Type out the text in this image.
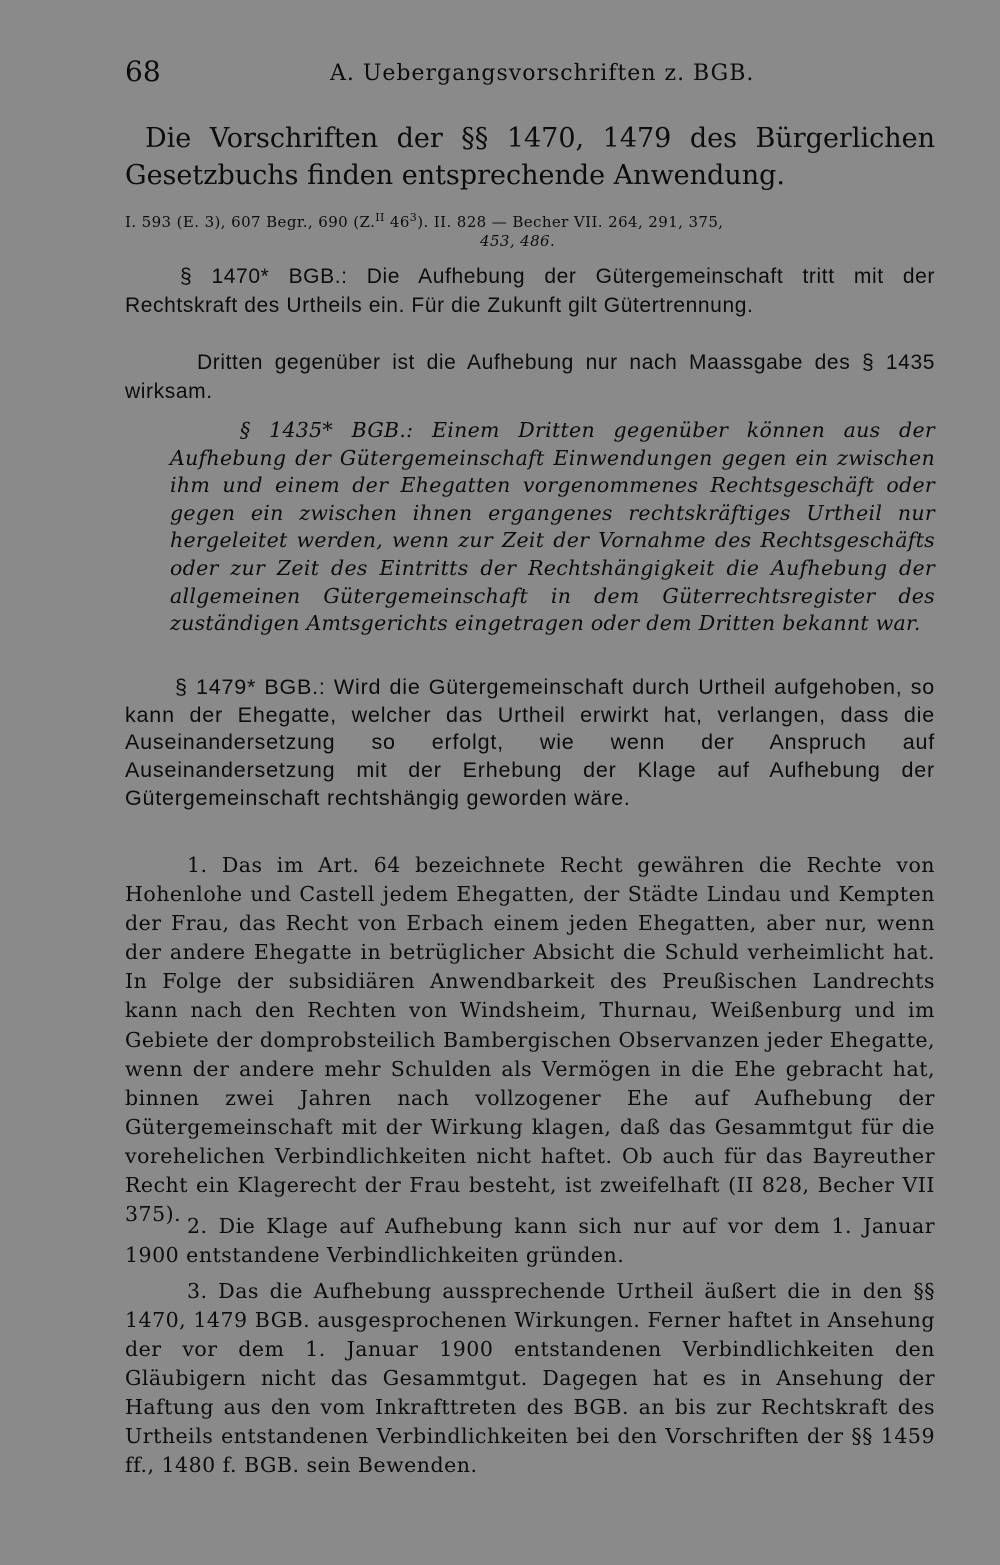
68	A. Uebergangsvorschriften z. BGB.
Die Vorschriften der §§ 1470, 1479 des Bürgerlichen Gesetzbuchs finden entsprechende Anwendung.
I. 593 (E. 3), 607 Begr., 690 (Z.$^{II}$ $46^3$). II. 828 — Becher VII. 264, 291, 375,
453, 486.
§ 1470* BGB.: Die Aufhebung der Gütergemeinschaft tritt mit der Rechtskraft des Urtheils ein. Für die Zukunft gilt Gütertrennung.
Dritten gegenüber ist die Aufhebung nur nach Maassgabe des § 1435 wirksam.
§ 1435* BGB.: Einem Dritten gegenüber können aus der Aufhebung der Gütergemeinschaft Einwendungen gegen ein zwischen ihm und einem der Ehegatten vorgenommenes Rechtsgeschäft oder gegen ein zwischen ihnen ergangenes rechtskräftiges Urtheil nur hergeleitet werden, wenn zur Zeit der Vornahme des Rechtsgeschäfts oder zur Zeit des Eintritts der Rechtshängigkeit die Aufhebung der allgemeinen Gütergemeinschaft in dem Güterrechtsregister des zuständigen Amtsgerichts eingetragen oder dem Dritten bekannt war.
§ 1479* BGB.: Wird die Gütergemeinschaft durch Urtheil aufgehoben, so kann der Ehegatte, welcher das Urtheil erwirkt hat, verlangen, dass die Auseinandersetzung so erfolgt, wie wenn der Anspruch auf Auseinandersetzung mit der Erhebung der Klage auf Aufhebung der Gütergemeinschaft rechtshängig geworden wäre.
1. Das im Art. 64 bezeichnete Recht gewähren die Rechte von Hohenlohe und Castell jedem Ehegatten, der Städte Lindau und Kempten der Frau, das Recht von Erbach einem jeden Ehegatten, aber nur, wenn der andere Ehegatte in betrüglicher Absicht die Schuld verheimlicht hat. In Folge der subsidiären Anwendbarkeit des Preußischen Landrechts kann nach den Rechten von Windsheim, Thurnau, Weißenburg und im Gebiete der domprobsteilich Bambergischen Observanzen jeder Ehegatte, wenn der andere mehr Schulden als Vermögen in die Ehe gebracht hat, binnen zwei Jahren nach vollzogener Ehe auf Aufhebung der Gütergemeinschaft mit der Wirkung klagen, daß das Gesammtgut für die vorehelichen Verbindlichkeiten nicht haftet. Ob auch für das Bayreuther Recht ein Klagerecht der Frau besteht, ist zweifelhaft (II 828, Becher VII 375). 2. Die Klage auf Aufhebung kann sich nur auf vor dem 1. Januar 1900 entstandene Verbindlichkeiten gründen.
3. Das die Aufhebung aussprechende Urtheil äußert die in den §§ 1470, 1479 BGB. ausgesprochenen Wirkungen. Ferner haftet in Ansehung der vor dem 1. Januar 1900 entstandenen Verbindlichkeiten den Gläubigern nicht das Gesammtgut. Dagegen hat es in Ansehung der Haftung aus den vom Inkrafttreten des BGB. an bis zur Rechtskraft des Urtheils entstandenen Verbindlichkeiten bei den Vorschriften der §§ 1459 ff., 1480 f. BGB. sein Bewenden.
